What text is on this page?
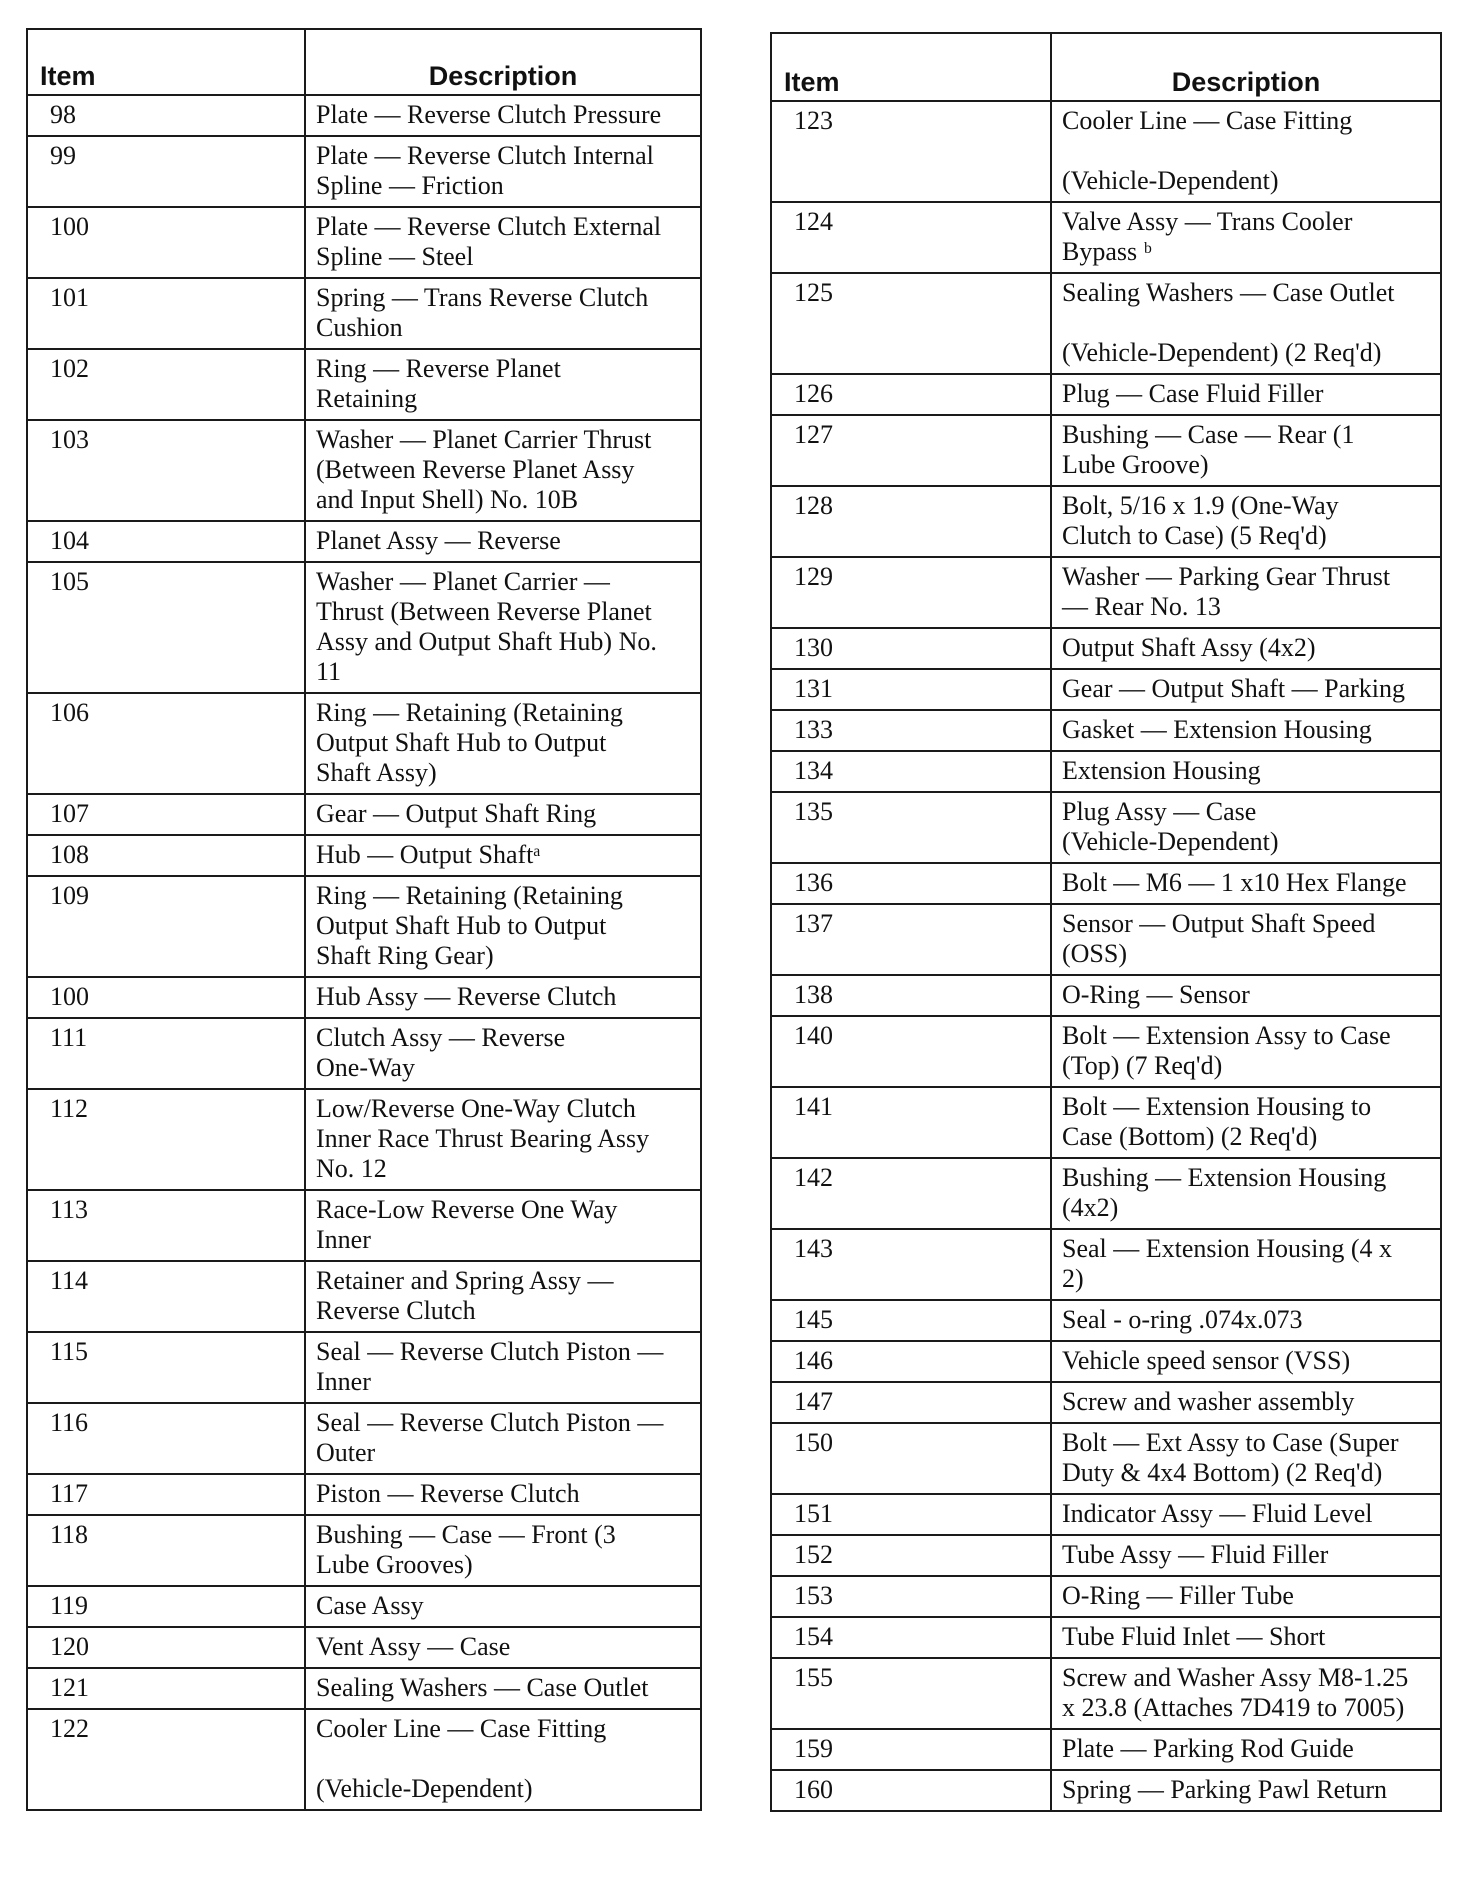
Item	Description
98	Plate — Reverse Clutch Pressure
99	Plate — Reverse Clutch Internal
Spline — Friction
100	Plate — Reverse Clutch External
Spline — Steel
101	Spring — Trans Reverse Clutch
Cushion
102	Ring — Reverse Planet
Retaining
103	Washer — Planet Carrier Thrust
(Between Reverse Planet Assy
and Input Shell) No. 10B
104	Planet Assy — Reverse
105	Washer — Planet Carrier —
Thrust (Between Reverse Planet
Assy and Output Shaft Hub) No.
11
106	Ring — Retaining (Retaining
Output Shaft Hub to Output
Shaft Assy)
107	Gear — Output Shaft Ring
108	Hub — Output Shaftᵃ
109	Ring — Retaining (Retaining
Output Shaft Hub to Output
Shaft Ring Gear)
100	Hub Assy — Reverse Clutch
111	Clutch Assy — Reverse
One-Way
112	Low/Reverse One-Way Clutch
Inner Race Thrust Bearing Assy
No. 12
113	Race-Low Reverse One Way
Inner
114	Retainer and Spring Assy —
Reverse Clutch
115	Seal — Reverse Clutch Piston —
Inner
116	Seal — Reverse Clutch Piston —
Outer
117	Piston — Reverse Clutch
118	Bushing — Case — Front (3
Lube Grooves)
119	Case Assy
120	Vent Assy — Case
121	Sealing Washers — Case Outlet

122	Cooler Line — Case Fitting

(Vehicle-Dependent)
Item	Description
123	Cooler Line — Case Fitting

(Vehicle-Dependent)
124	Valve Assy — Trans Cooler
Bypass ᵇ
125	Sealing Washers — Case Outlet

(Vehicle-Dependent) (2 Req'd)
126	Plug — Case Fluid Filler
127	Bushing — Case — Rear (1
Lube Groove)
128	Bolt, 5/16 x 1.9 (One-Way
Clutch to Case) (5 Req'd)
129	Washer — Parking Gear Thrust
— Rear No. 13
130	Output Shaft Assy (4x2)
131	Gear — Output Shaft — Parking
133	Gasket — Extension Housing
134	Extension Housing
135	Plug Assy — Case
(Vehicle-Dependent)
136	Bolt — M6 — 1 x10 Hex Flange
137	Sensor — Output Shaft Speed
(OSS)
138	O-Ring — Sensor
140	Bolt — Extension Assy to Case
(Top) (7 Req'd)
141	Bolt — Extension Housing to
Case (Bottom) (2 Req'd)
142	Bushing — Extension Housing
(4x2)
143	Seal — Extension Housing (4 x
2)
145	Seal - o-ring .074x.073
146	Vehicle speed sensor (VSS)
147	Screw and washer assembly
150	Bolt — Ext Assy to Case (Super
Duty & 4x4 Bottom) (2 Req'd)
151	Indicator Assy — Fluid Level
152	Tube Assy — Fluid Filler
153	O-Ring — Filler Tube
154	Tube Fluid Inlet — Short
155	Screw and Washer Assy M8-1.25
x 23.8 (Attaches 7D419 to 7005)
159	Plate — Parking Rod Guide
160	Spring — Parking Pawl Return
